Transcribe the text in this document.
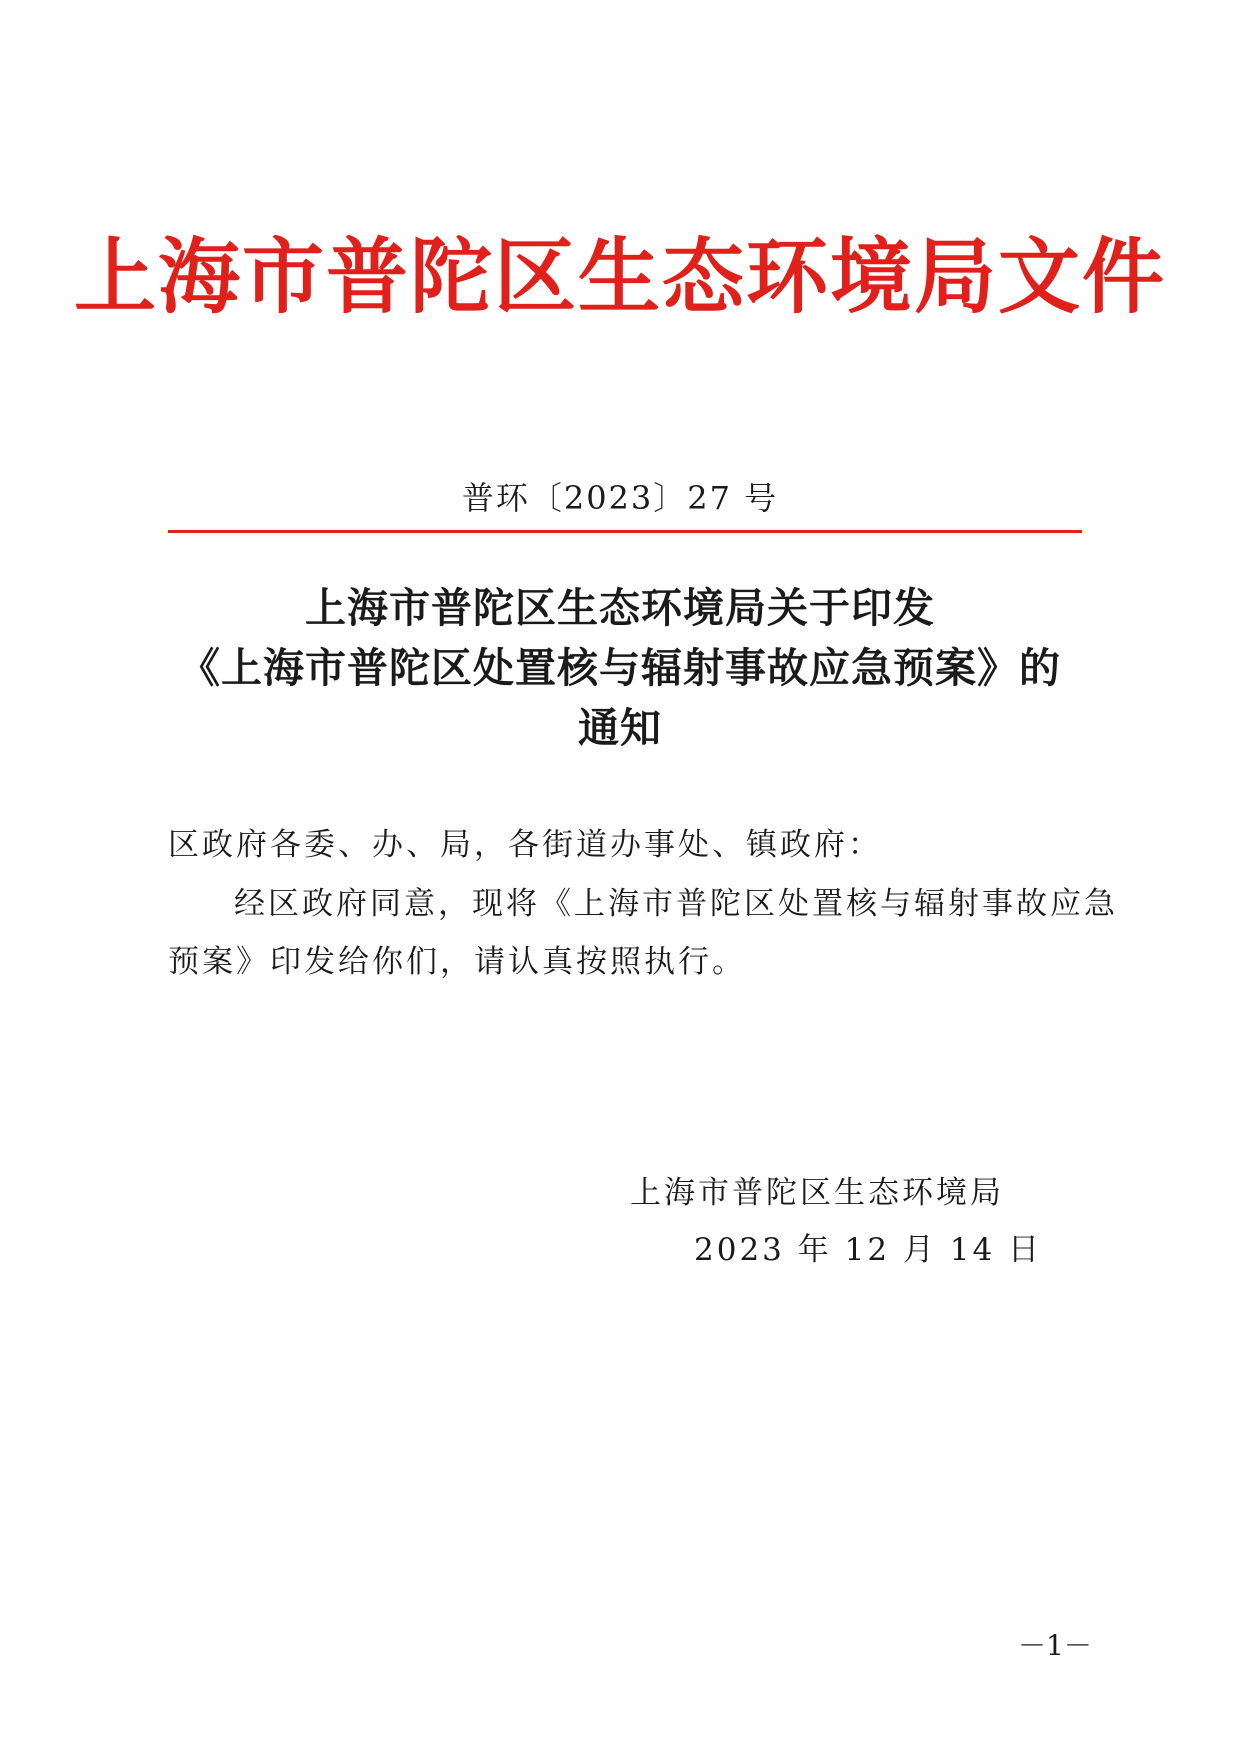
上海市普陀区生态环境局文件
普环〔2023〕27 号
上海市普陀区生态环境局关于印发
《上海市普陀区处置核与辐射事故应急预案》的
通知
区政府各委、办、局，各街道办事处、镇政府：
经区政府同意，现将《上海市普陀区处置核与辐射事故应急
预案》印发给你们，请认真按照执行。
上海市普陀区生态环境局
2023 年 12 月 14 日
－1－
